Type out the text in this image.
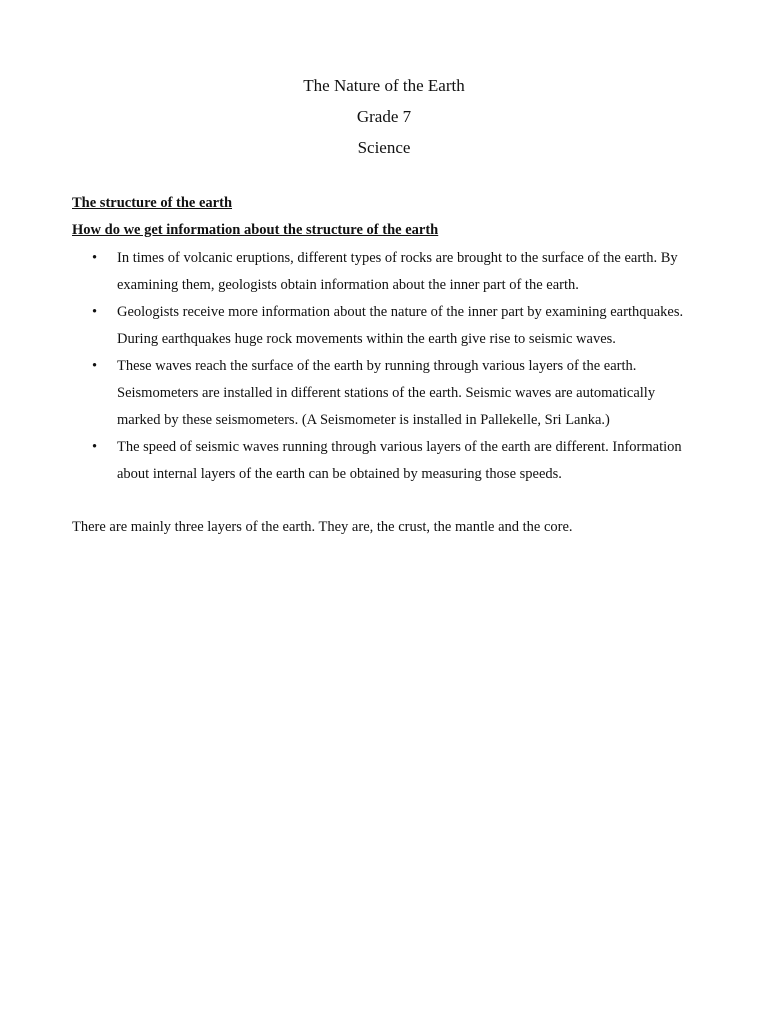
The Nature of the Earth
Grade 7
Science
The structure of the earth
How do we get information about the structure of the earth
• In times of volcanic eruptions, different types of rocks are brought to the surface of the earth. By examining them, geologists obtain information about the inner part of the earth.
• Geologists receive more information about the nature of the inner part by examining earthquakes. During earthquakes huge rock movements within the earth give rise to seismic waves.
• These waves reach the surface of the earth by running through various layers of the earth. Seismometers are installed in different stations of the earth. Seismic waves are automatically marked by these seismometers. (A Seismometer is installed in Pallekelle, Sri Lanka.)
• The speed of seismic waves running through various layers of the earth are different. Information about internal layers of the earth can be obtained by measuring those speeds.
There are mainly three layers of the earth. They are, the crust, the mantle and the core.
